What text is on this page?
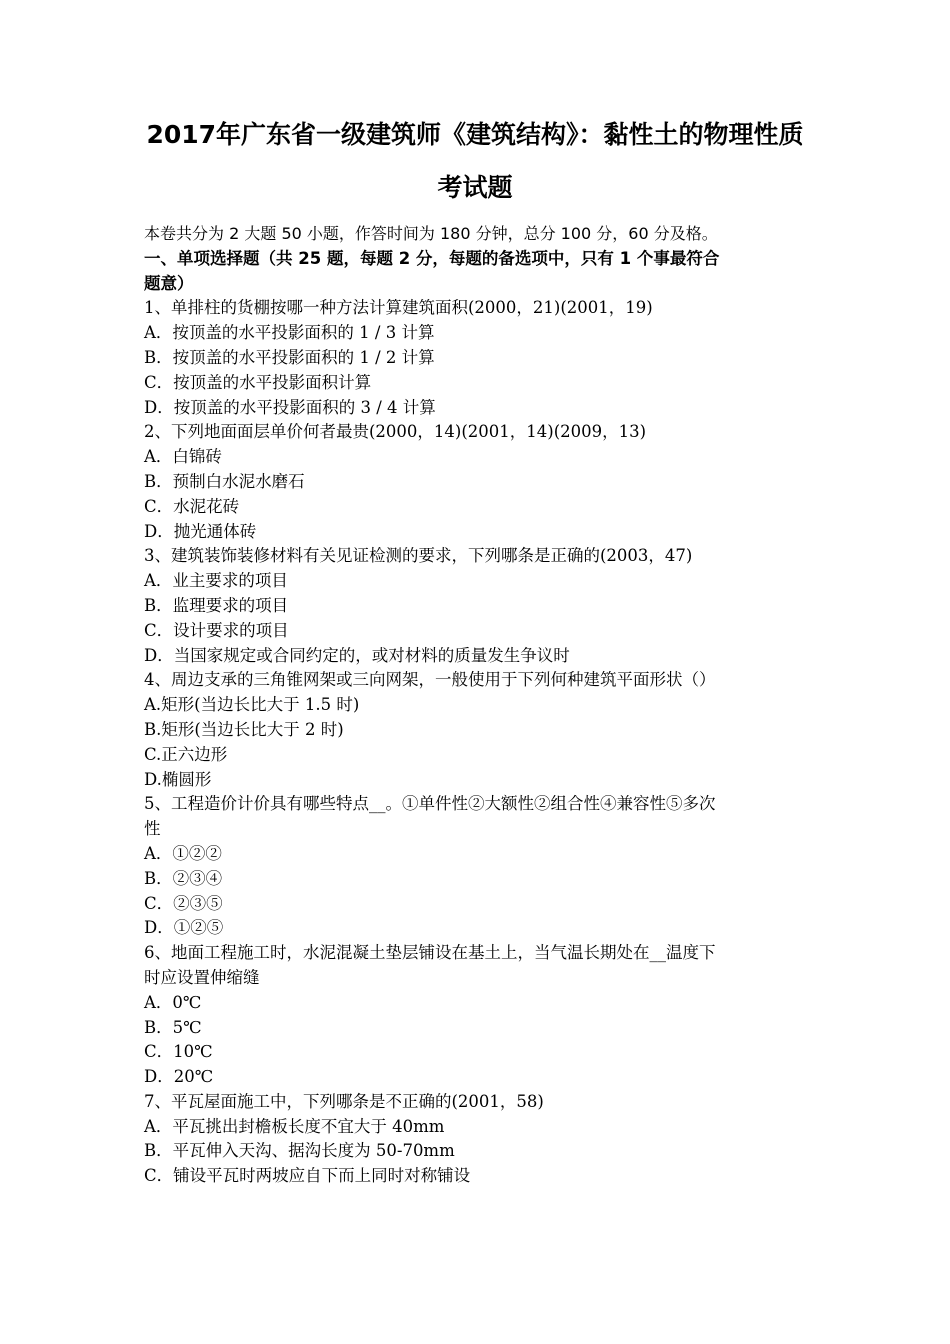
2017年广东省一级建筑师《建筑结构》：黏性土的物理性质
考试题
本卷共分为 2 大题 50 小题，作答时间为 180 分钟，总分 100 分，60 分及格。
一、单项选择题（共 25 题，每题 2 分，每题的备选项中，只有 1 个事最符合
题意）
1、单排柱的货棚按哪一种方法计算建筑面积(2000，21)(2001，19)
A．按顶盖的水平投影面积的 1 / 3 计算
B．按顶盖的水平投影面积的 1 / 2 计算
C．按顶盖的水平投影面积计算
D．按顶盖的水平投影面积的 3 / 4 计算
2、下列地面面层单价何者最贵(2000，14)(2001，14)(2009，13)
A．白锦砖
B．预制白水泥水磨石
C．水泥花砖
D．抛光通体砖
3、建筑装饰装修材料有关见证检测的要求，下列哪条是正确的(2003，47)
A．业主要求的项目
B．监理要求的项目
C．设计要求的项目
D．当国家规定或合同约定的，或对材料的质量发生争议时
4、周边支承的三角锥网架或三向网架，一般使用于下列何种建筑平面形状（）
A.矩形(当边长比大于 1.5 时)
B.矩形(当边长比大于 2 时)
C.正六边形
D.椭圆形
5、工程造价计价具有哪些特点__。①单件性②大额性②组合性④兼容性⑤多次
性
A．①②②
B．②③④
C．②③⑤
D．①②⑤
6、地面工程施工时，水泥混凝土垫层铺设在基土上，当气温长期处在__温度下
时应设置伸缩缝
A．0℃
B．5℃
C．10℃
D．20℃
7、平瓦屋面施工中，下列哪条是不正确的(2001，58)
A．平瓦挑出封檐板长度不宜大于 40mm
B．平瓦伸入天沟、据沟长度为 50-70mm
C．铺设平瓦时两坡应自下而上同时对称铺设
